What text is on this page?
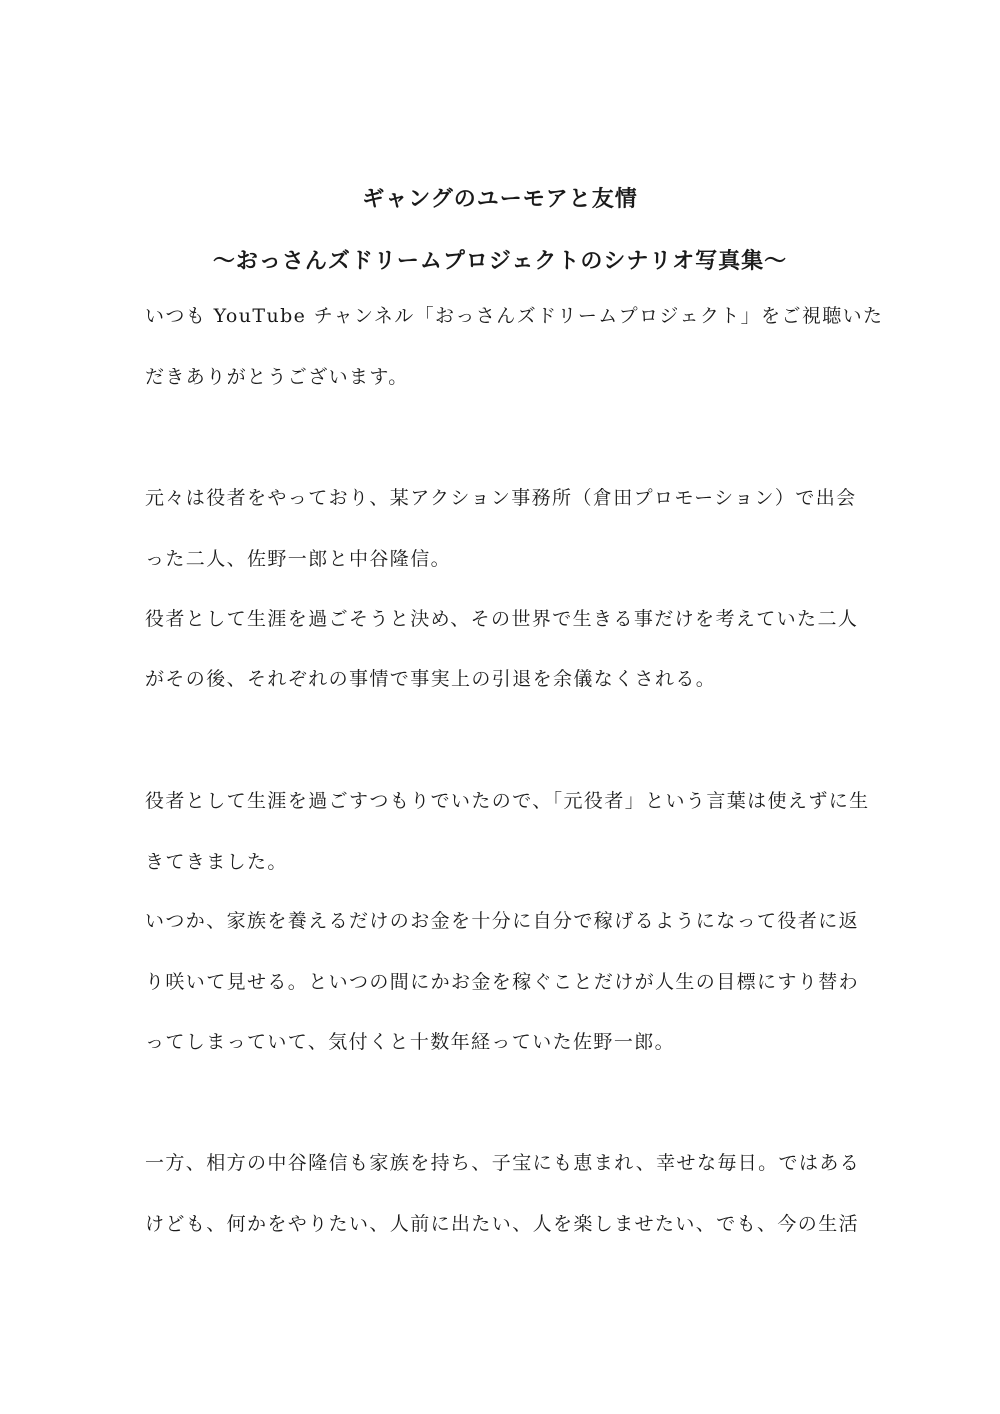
ギャングのユーモアと友情
〜おっさんズドリームプロジェクトのシナリオ写真集〜
いつも YouTube チャンネル「おっさんズドリームプロジェクト」をご視聴いた
だきありがとうございます。
元々は役者をやっており、某アクション事務所（倉田プロモーション）で出会
った二人、佐野一郎と中谷隆信。
役者として生涯を過ごそうと決め、その世界で生きる事だけを考えていた二人
がその後、それぞれの事情で事実上の引退を余儀なくされる。
役者として生涯を過ごすつもりでいたので、「元役者」という言葉は使えずに生
きてきました。
いつか、家族を養えるだけのお金を十分に自分で稼げるようになって役者に返
り咲いて見せる。といつの間にかお金を稼ぐことだけが人生の目標にすり替わ
ってしまっていて、気付くと十数年経っていた佐野一郎。
一方、相方の中谷隆信も家族を持ち、子宝にも恵まれ、幸せな毎日。ではある
けども、何かをやりたい、人前に出たい、人を楽しませたい、でも、今の生活
